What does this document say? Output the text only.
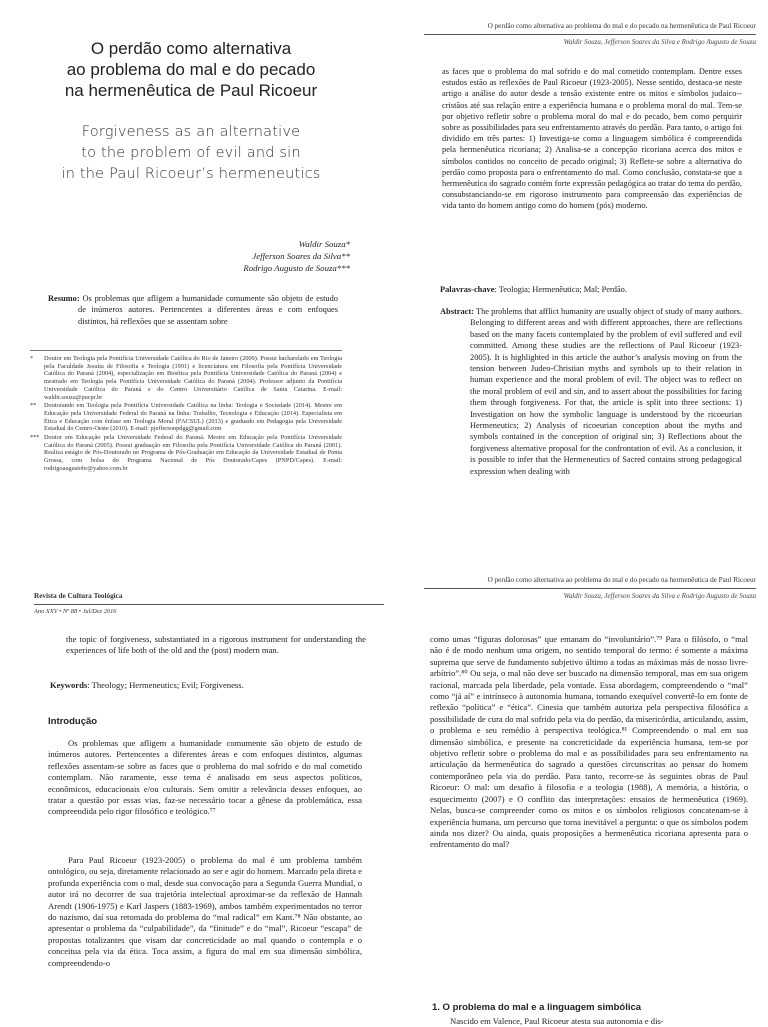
O perdão como alternativa
ao problema do mal e do pecado
na hermenêutica de Paul Ricoeur
Forgiveness as an alternative
to the problem of evil and sin
in the Paul Ricoeur’s hermeneutics
Waldir Souza*
Jefferson Soares da Silva**
Rodrigo Augusto de Souza***
Resumo: Os problemas que afligem a humanidade comumente são objeto de estudo de inúmeros autores. Pertencentes a diferentes áreas e com enfoques distintos, há reflexões que se assentam sobre
*	Doutor em Teologia pela Pontifícia Universidade Católica do Rio de Janeiro (2009). Possui bacharelado em Teologia pela Faculdade Jesuíta de Filosofia e Teologia (1991) e licenciatura em Filosofia pela Pontifícia Universidade Católica do Paraná (2004), especialização em Bioética pela Pontifícia Universidade Católica do Paraná (2004) e mestrado em Teologia pela Pontifícia Universidade Católica do Paraná (2004). Professor adjunto da Pontifícia Universidade Católica do Paraná e do Centro Universitário Católica de Santa Catarina. E-mail: waldir.souza@pucpr.br
**	Doutorando em Teologia pela Pontifícia Universidade Católica na linha: Teologia e Sociedade (2014). Mestre em Educação pela Universidade Federal do Paraná na linha: Trabalho, Tecnologia e Educação (2014). Especialista em Ética e Educação com ênfase em Teologia Moral (FACSUL) (2013) e graduado em Pedagogia pela Universidade Estadual do Centro-Oeste (2010). E-mail: pjeffersonpdgg@gmail.com
*** Doutor em Educação pela Universidade Federal do Paraná. Mestre em Educação pela Pontifícia Universidade Católica do Paraná (2005). Possui graduação em Filosofia pela Pontifícia Universidade Católica do Paraná (2001). Realiza estágio de Pós-Doutorado no Programa de Pós-Graduação em Educação da Universidade Estadual de Ponta Grossa, com bolsa do Programa Nacional de Pós Doutorado/Capes (PNPD/Capes). E-mail: rodrigoaugustobr@yahoo.com.br
O perdão como alternativa ao problema do mal e do pecado na hermenêutica de Paul Ricoeur
Waldir Souza, Jefferson Soares da Silva e Rodrigo Augusto de Souza
as faces que o problema do mal sofrido e do mal cometido contemplam. Dentre esses estudos estão as reflexões de Paul Ricoeur (1923-2005). Nesse sentido, destaca-se neste artigo a análise do autor desde a tensão existente entre os mitos e símbolos judaico--cristãos até sua relação entre a experiência humana e o problema moral do mal. Tem-se por objetivo refletir sobre o problema moral do mal e do pecado, bem como perquirir sobre as possibilidades para seu enfrentamento através do perdão. Para tanto, o artigo foi dividido em três partes: 1) Investiga-se como a linguagem simbólica é compreendida pela hermenêutica ricoriana; 2) Analisa-se a concepção ricoriana acerca dos mitos e símbolos contidos no conceito de pecado original; 3) Reflete-se sobre a alternativa do perdão como proposta para o enfrentamento do mal. Como conclusão, constata-se que a hermenêutica do sagrado contém forte expressão pedagógica ao tratar do tema do perdão, consubstanciando-se em rigoroso instrumento para compreensão das experiências de vida tanto do homem antigo como do homem (pós) moderno.
Palavras-chave: Teologia; Hermenêutica; Mal; Perdão.
Abstract: The problems that afflict humanity are usually object of study of many authors. Belonging to different areas and with different approaches, there are reflections based on the many facets contemplated by the problem of evil suffered and evil committed. Among these studies are the reflections of Paul Ricoeur (1923-2005). It is highlighted in this article the author’s analysis moving on from the tension between Judeo-Christian myths and symbols up to their relation in human experience and the moral problem of evil. The object was to reflect on the moral problem of evil and sin, and to assert about the possibilities for facing them through forgiveness. For that, the article is split into three sections: 1) Investigation on how the symbolic language is understood by the ricoeurian Hermeneutics; 2) Analysis of ricoeurian conception about the myths and symbols contained in the conception of original sin; 3) Reflections about the forgiveness alternative proposal for the confrontation of evil. As a conclusion, it is possible to infer that the Hermeneutics of Sacred contains strong pedagogical expression when dealing with
Revista de Cultura Teológica
Ano XXV • Nº 88 • Jul/Dez 2016
the topic of forgiveness, substantiated in a rigorous instrument for understanding the experiences of life both of the old and the (post) modern man.
Keywords: Theology; Hermeneutics; Evil; Forgiveness.
Introdução
Os problemas que afligem a humanidade comumente são objeto de estudo de inúmeros autores. Pertencentes a diferentes áreas e com enfoques distintos, algumas reflexões assentam-se sobre as faces que o problema do mal sofrido e do mal cometido contemplam. Não raramente, esse tema é analisado em seus aspectos políticos, econômicos, educacionais e/ou culturais. Sem omitir a relevância desses enfoques, ao tratar a questão por essas vias, faz-se necessário tocar a gênese da problemática, essa compreendida pelo rigor filosófico e teológico.⁷⁷
Para Paul Ricoeur (1923-2005) o problema do mal é um problema também ontológico, ou seja, diretamente relacionado ao ser e agir do homem. Marcado pela direta e profunda experiência com o mal, desde sua convocação para a Segunda Guerra Mundial, o autor irá no decorrer de sua trajetória intelectual aproximar-se da reflexão de Hannah Arendt (1906-1975) e Karl Jaspers (1883-1969), ambos também experimentados no terror do nazismo, daí sua retomada do problema do “mal radical” em Kant.⁷⁸ Não obstante, ao apresentar o problema da “culpabilidade”, da “finitude” e do “mal”, Ricoeur “escapa” de propostas totalizantes que visam dar concreticidade ao mal quando o contempla e o conceitua pela via da ética. Toca assim, a figura do mal em sua dimensão simbólica, compreendendo-o
O perdão como alternativa ao problema do mal e do pecado na hermenêutica de Paul Ricoeur
Waldir Souza, Jefferson Soares da Silva e Rodrigo Augusto de Souza
como umas “figuras dolorosas” que emanam do “involuntário”.⁷⁹ Para o filósofo, o “mal não é de modo nenhum uma origem, no sentido temporal do termo: é somente a máxima suprema que serve de fundamento subjetivo último a todas as máximas más de nosso livre-arbítrio”.⁸⁰ Ou seja, o mal não deve ser buscado na dimensão temporal, mas em sua origem racional, marcada pela liberdade, pela vontade. Essa abordagem, compreendendo o “mal” como “já aí” e intrínseco à autonomia humana, tornando exequível convertê-lo em fonte de reflexão “política” e “ética”. Cinesia que também autoriza pela perspectiva filosófica a possibilidade de cura do mal sofrido pela via do perdão, da misericórdia, articulando, assim, o problema e seu remédio à perspectiva teológica.⁸¹ Compreendendo o mal em sua dimensão simbólica, e presente na concreticidade da experiência humana, tem-se por objetivo refletir sobre o problema do mal e as possibilidades para seu enfrentamento na articulação da hermenêutica do sagrado a questões circunscritas ao pensar do homem contemporâneo pela via do perdão. Para tanto, recorre-se às seguintes obras de Paul Ricoeur: O mal: um desafio à filosofia e a teologia (1988), A memória, a história, o esquecimento (2007) e O conflito das interpretações: ensaios de hermenêutica (1969). Nelas, busca-se compreender como os mitos e os símbolos religiosos concatenam-se à experiência humana, um percurso que torna inevitável a pergunta: o que os símbolos podem ainda nos dizer? Ou ainda, quais proposições a hermenêutica ricoriana apresenta para o enfrentamento do mal?
1. O problema do mal e a linguagem simbólica
Nascido em Valence, Paul Ricoeur atesta sua autonomia e dis-
